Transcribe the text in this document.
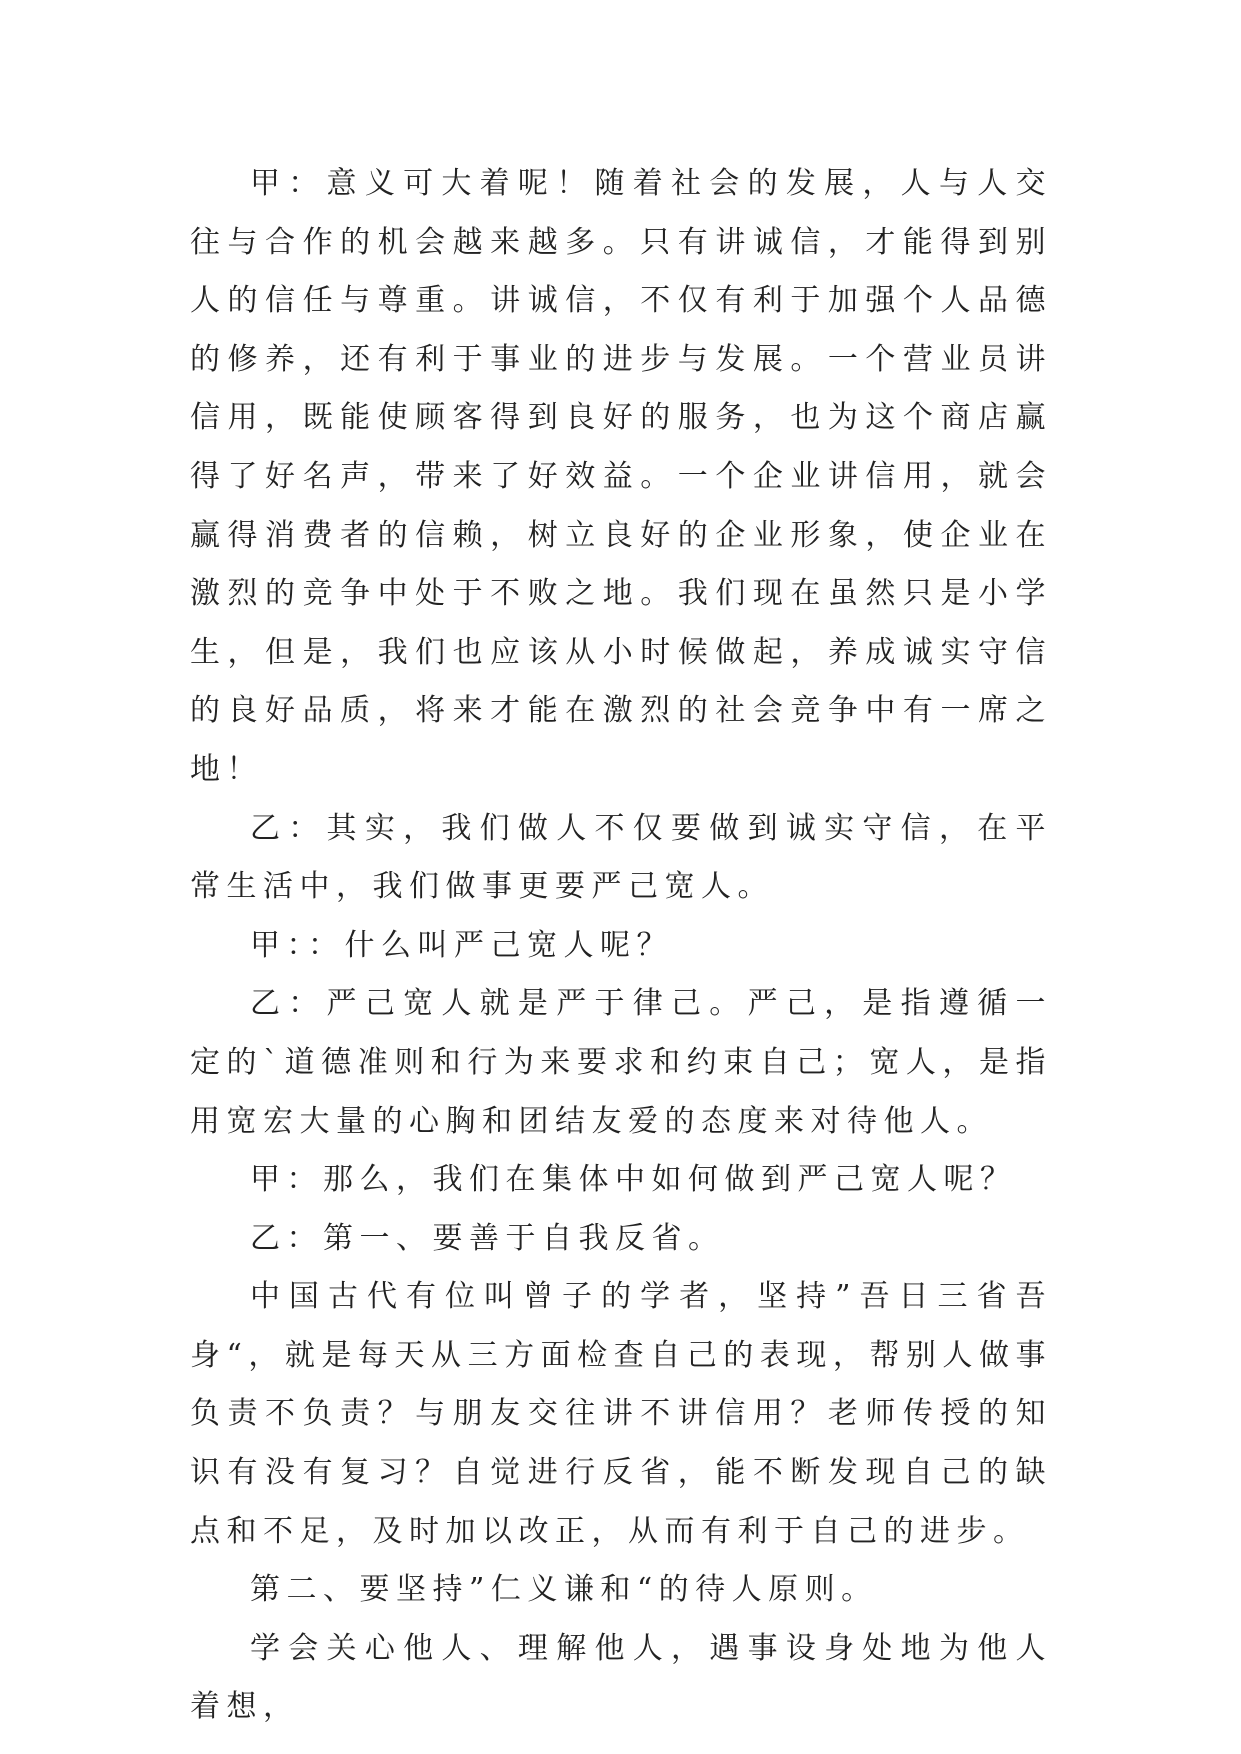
甲：意义可大着呢！随着社会的发展，人与人交往与合作的机会越来越多。只有讲诚信，才能得到别人的信任与尊重。讲诚信，不仅有利于加强个人品德的修养，还有利于事业的进步与发展。一个营业员讲信用，既能使顾客得到良好的服务，也为这个商店赢得了好名声，带来了好效益。一个企业讲信用，就会赢得消费者的信赖，树立良好的企业形象，使企业在激烈的竞争中处于不败之地。我们现在虽然只是小学生，但是，我们也应该从小时候做起，养成诚实守信的良好品质，将来才能在激烈的社会竞争中有一席之地！

乙：其实，我们做人不仅要做到诚实守信，在平常生活中，我们做事更要严己宽人。

甲：：什么叫严己宽人呢？

乙：严己宽人就是严于律己。严己，是指遵循一定的`道德准则和行为来要求和约束自己；宽人，是指用宽宏大量的心胸和团结友爱的态度来对待他人。

甲：那么，我们在集体中如何做到严己宽人呢？

乙：第一、要善于自我反省。

中国古代有位叫曾子的学者，坚持”吾日三省吾身“，就是每天从三方面检查自己的表现，帮别人做事负责不负责？与朋友交往讲不讲信用？老师传授的知识有没有复习？自觉进行反省，能不断发现自己的缺点和不足，及时加以改正，从而有利于自己的进步。

第二、要坚持”仁义谦和“的待人原则。

学会关心他人、理解他人，遇事设身处地为他人着想，
